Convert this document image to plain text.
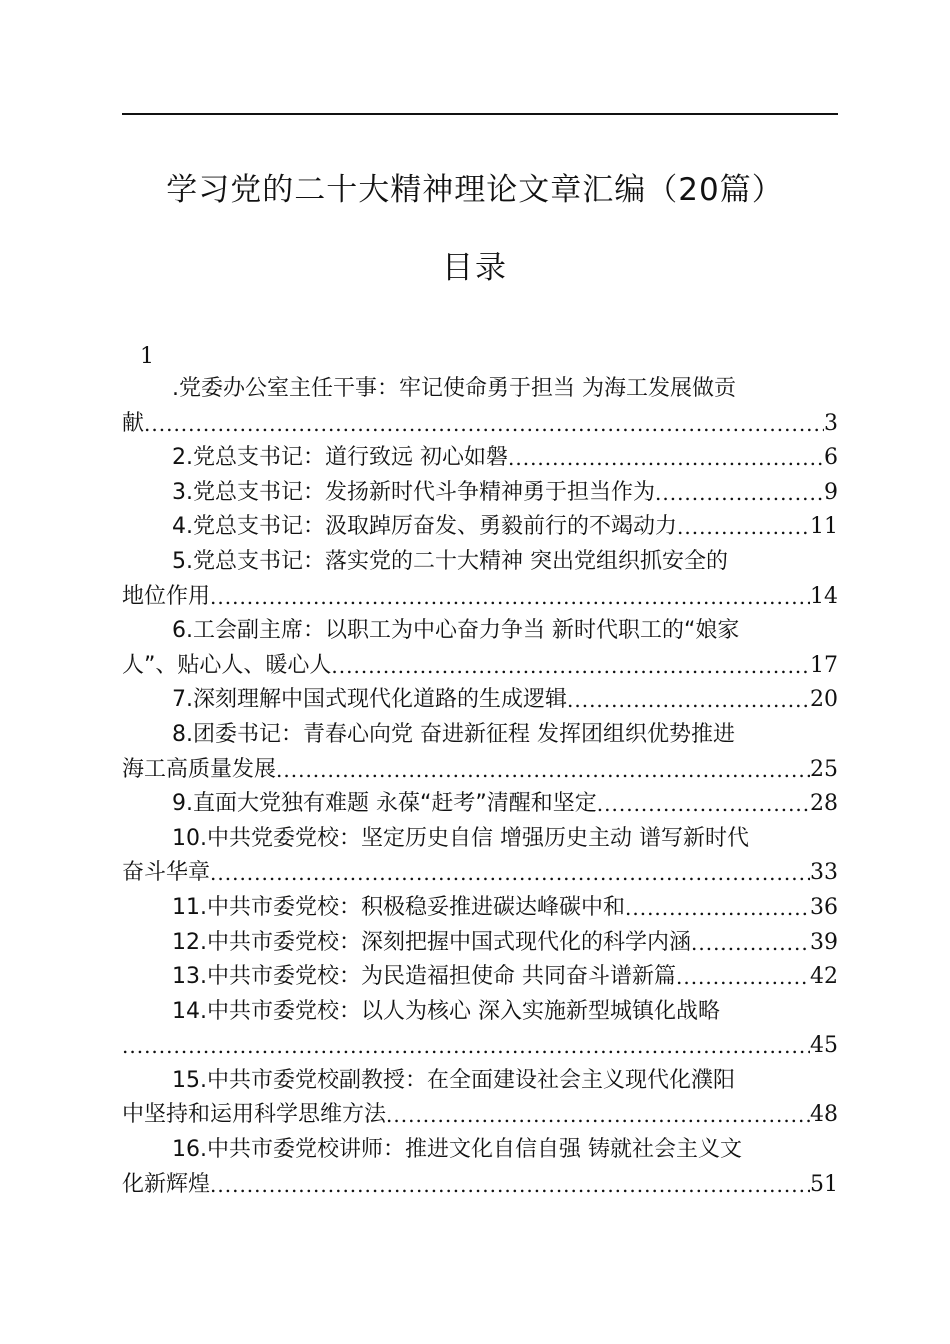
学习党的二十大精神理论文章汇编（20篇）
目录
1
.党委办公室主任干事：牢记使命勇于担当 为海工发展做贡
献 .....	3
2.党总支书记：道行致远 初心如磐 .....	6
3.党总支书记：发扬新时代斗争精神勇于担当作为 .....	9
4.党总支书记：汲取踔厉奋发、勇毅前行的不竭动力 .....	11
5.党总支书记：落实党的二十大精神 突出党组织抓安全的
地位作用 .....	14
6.工会副主席：以职工为中心奋力争当 新时代职工的“娘家
人”、贴心人、暖心人 .....	17
7.深刻理解中国式现代化道路的生成逻辑 .....	20
8.团委书记：青春心向党 奋进新征程 发挥团组织优势推进
海工高质量发展 .....	25
9.直面大党独有难题 永葆“赶考”清醒和坚定 .....	28
10.中共党委党校：坚定历史自信 增强历史主动 谱写新时代
奋斗华章 .....	33
11.中共市委党校：积极稳妥推进碳达峰碳中和 .....	36
12.中共市委党校：深刻把握中国式现代化的科学内涵 .....	39
13.中共市委党校：为民造福担使命 共同奋斗谱新篇 .....	42
14.中共市委党校：以人为核心 深入实施新型城镇化战略
.....
45
15.中共市委党校副教授：在全面建设社会主义现代化濮阳
中坚持和运用科学思维方法 .....	48
16.中共市委党校讲师：推进文化自信自强 铸就社会主义文
化新辉煌 .....	51
